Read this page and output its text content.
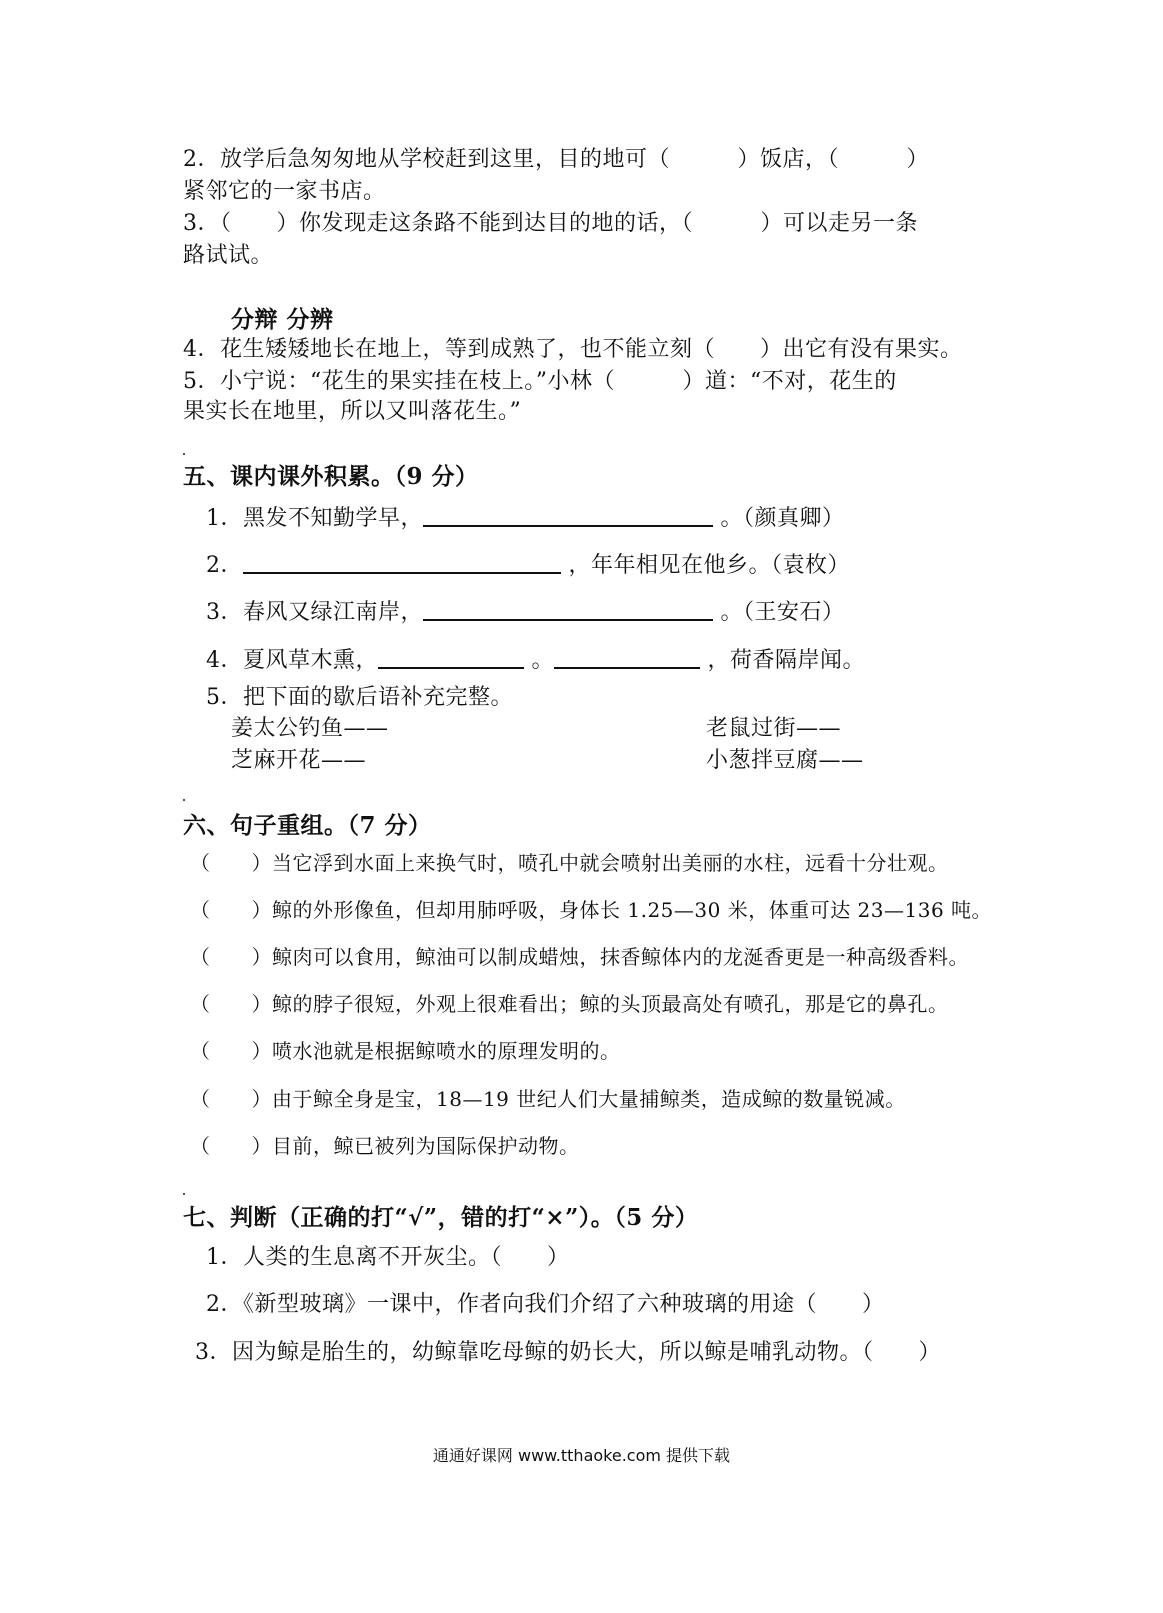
2．放学后急匆匆地从学校赶到这里，目的地可（　　　）饭店，（　　　）
紧邻它的一家书店。
3．（　　）你发现走这条路不能到达目的地的话，（　　　）可以走另一条
路试试。
分辩 分辨
4．花生矮矮地长在地上，等到成熟了，也不能立刻（　　）出它有没有果实。
5．小宁说：“花生的果实挂在枝上。”小林（　　　）道：“不对，花生的
果实长在地里，所以又叫落花生。”
五、课内课外积累。（9 分）
1．黑发不知勤学早，	。（颜真卿）
2．	，年年相见在他乡。（袁枚）
3．春风又绿江南岸，	。（王安石）
4．夏风草木熏，	。	，荷香隔岸闻。
5．把下面的歇后语补充完整。
姜太公钓鱼——	老鼠过街——
芝麻开花——	小葱拌豆腐——
六、句子重组。（7 分）
（　　）当它浮到水面上来换气时，喷孔中就会喷射出美丽的水柱，远看十分壮观。
（　　）鲸的外形像鱼，但却用肺呼吸，身体长 1.25—30 米，体重可达 23—136 吨。
（　　）鲸肉可以食用，鲸油可以制成蜡烛，抹香鲸体内的龙涎香更是一种高级香料。
（　　）鲸的脖子很短，外观上很难看出；鲸的头顶最高处有喷孔，那是它的鼻孔。
（　　）喷水池就是根据鲸喷水的原理发明的。
（　　）由于鲸全身是宝，18—19 世纪人们大量捕鲸类，造成鲸的数量锐减。
（　　）目前，鲸已被列为国际保护动物。
七、判断（正确的打“√”，错的打“×”）。（5 分）
1．人类的生息离不开灰尘。（　　）
2．《新型玻璃》一课中，作者向我们介绍了六种玻璃的用途（　　）
3．因为鲸是胎生的，幼鲸靠吃母鲸的奶长大，所以鲸是哺乳动物。（　　）
通通好课网 www.tthaoke.com 提供下载
